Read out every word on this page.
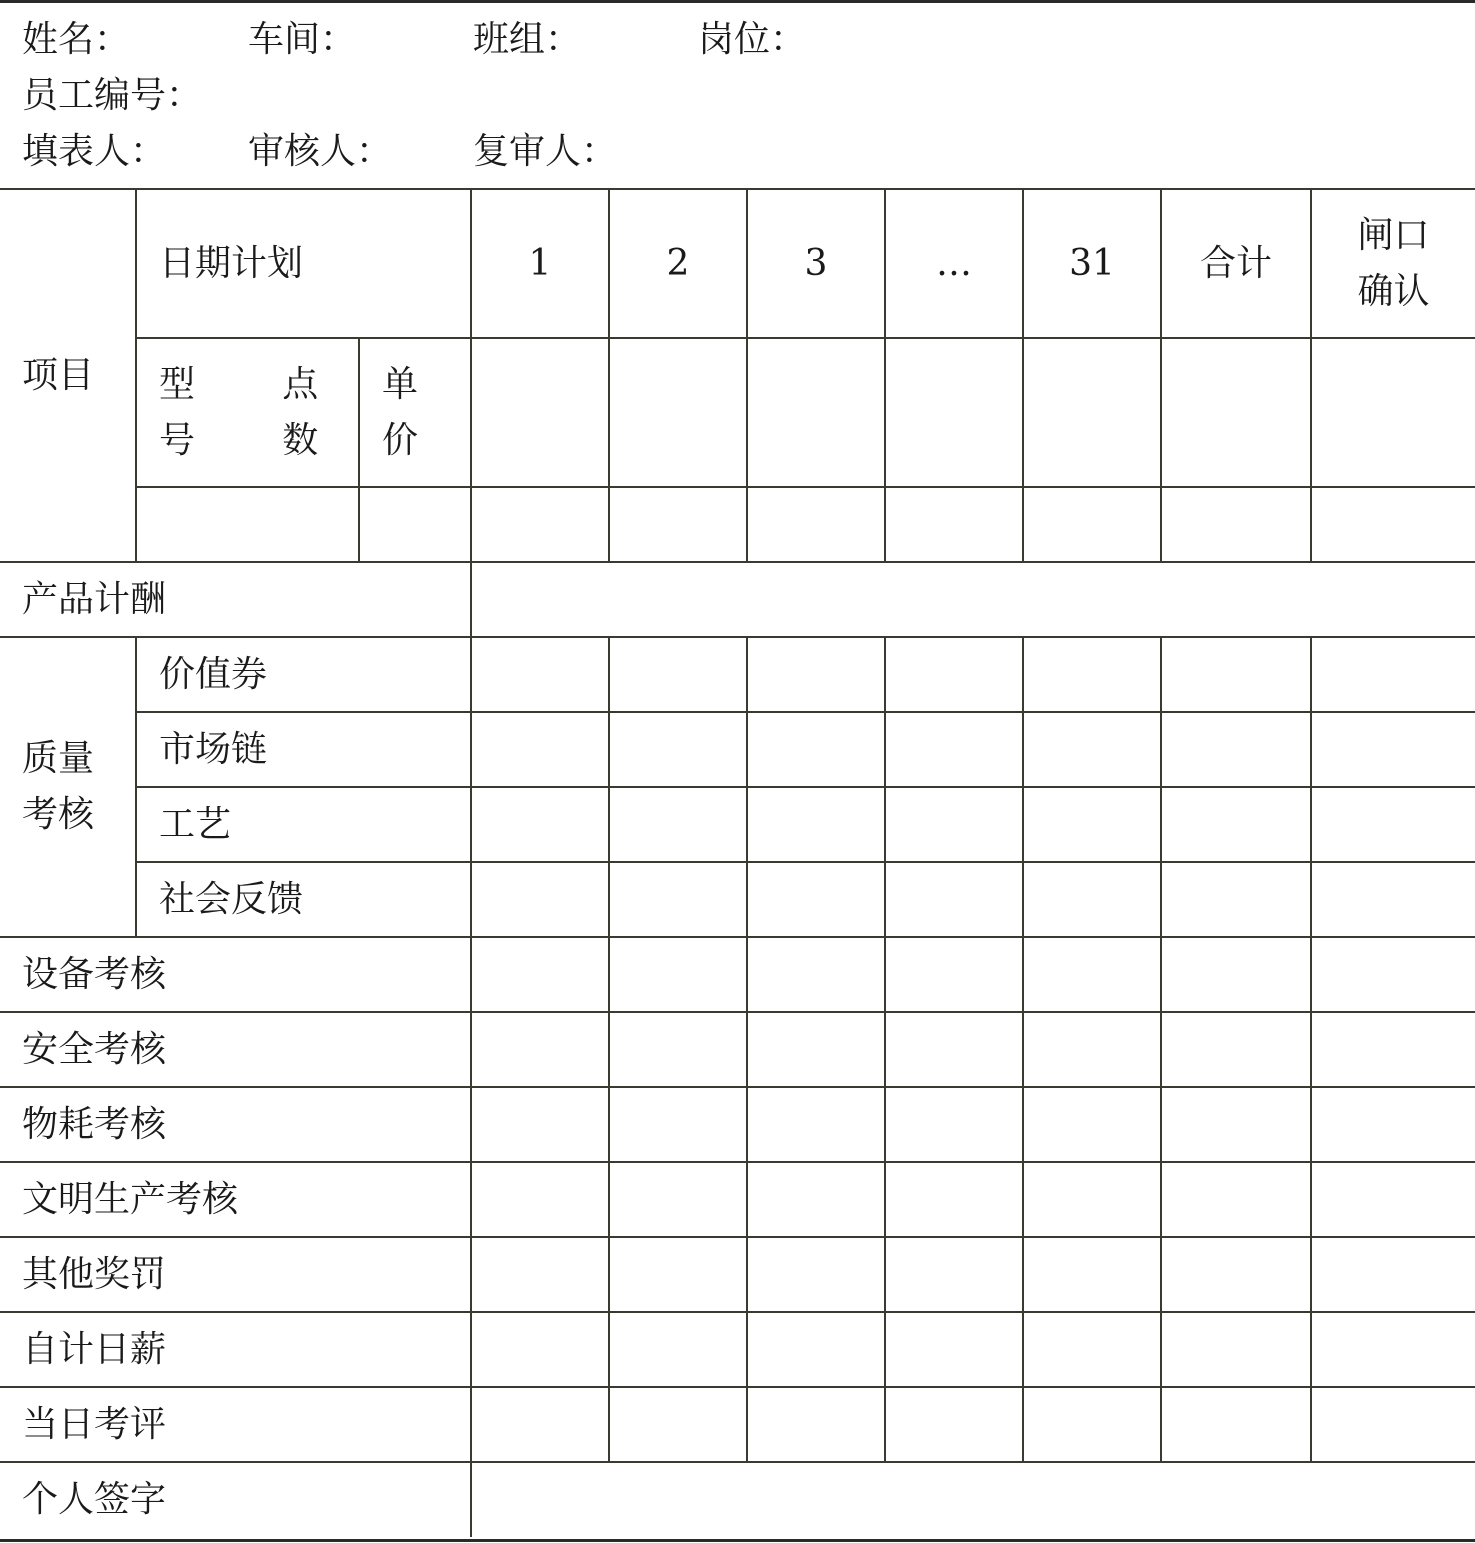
姓名：	车间：	班组：	岗位：
员工编号：
填表人： 审核人： 复审人：
项目	日期计划		1	2	3	…	31	合计	闸口确认
	型号 点数	单价							

产品计酬									
质量考核	价值券								
	市场链								
	工艺								
	社会反馈								
设备考核									
安全考核									
物耗考核									
文明生产考核									
其他奖罚									
自计日薪									
当日考评									
个人签字									
